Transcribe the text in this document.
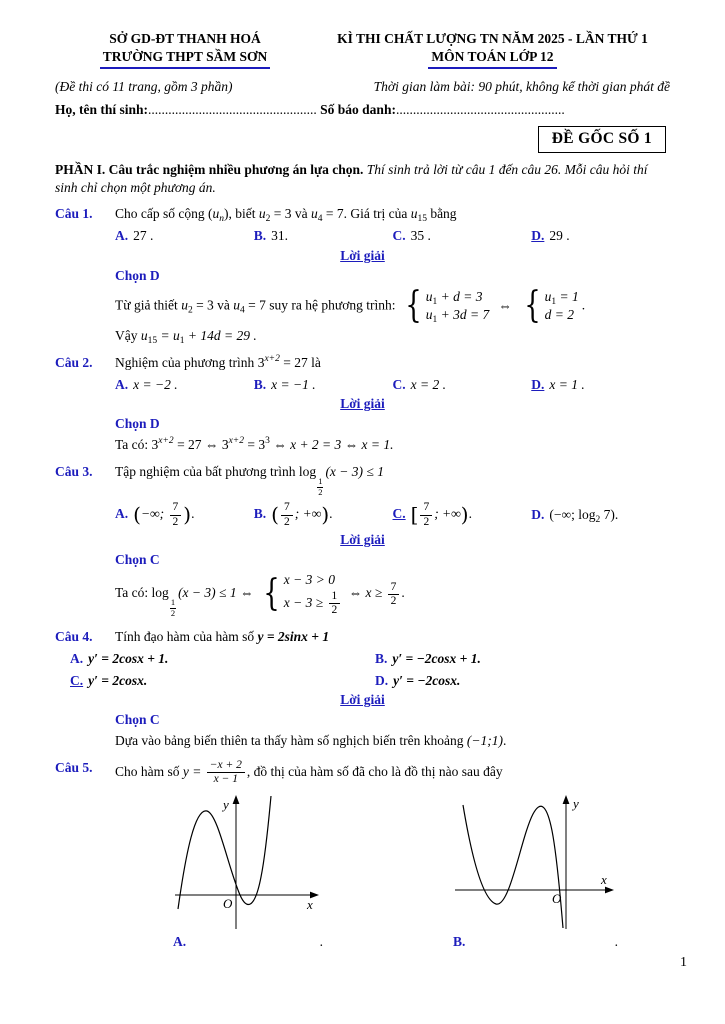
SỞ GD-ĐT THANH HOÁ
TRƯỜNG THPT SẦM SƠN
KÌ THI CHẤT LƯỢNG TN NĂM 2025 - LẦN THỨ 1
MÔN TOÁN LỚP 12
(Đề thi có 11 trang, gồm 3 phần)	Thời gian làm bài: 90 phút, không kể thời gian phát đề
Họ, tên thí sinh:.................................................. Số báo danh:..................................................
ĐỀ GỐC SỐ 1

PHẦN I. Câu trắc nghiệm nhiều phương án lựa chọn. Thí sinh trả lời từ câu 1 đến câu 26. Mỗi câu hỏi thí sinh chỉ chọn một phương án.

Câu 1.	Cho cấp số cộng $(u_n)$, biết $u_2 = 3$ và $u_4 = 7$. Giá trị của $u_{15}$ bằng
A. 27 .	B. 31.	C. 35 .	D. 29 .
Lời giải
Chọn D
Từ giả thiết $u_2 = 3$ và $u_4 = 7$ suy ra hệ phương trình: { $u_1 + d = 3$
$u_1 + 3d = 7$
⇔ { $u_1 = 1$
d = 2
.
Vậy $u_{15} = u_1 + 14d = 29$ .
Câu 2.	Nghiệm của phương trình $3^{x+2} = 27$ là
A. x = −2 .	B. x = −1 .	C. x = 2 .	D. x = 1 .
Lời giải
Chọn D
Ta có: $3^{x+2} = 27$ ⇔ $3^{x+2} = 3^3$ ⇔ x + 2 = 3 ⇔ x = 1.
Câu 3.	Tập nghiệm của bất phương trình log
1
2
(x − 3) ≤ 1
A. (−∞; $\frac{7}{2}$ ).	B. ( $\frac{7}{2}$ ; +∞).	C. [ $\frac{7}{2}$ ; +∞).	D. (−∞; $\log_2 7$).
Lời giải
Chọn C
Ta có: log
1
2
(x − 3) ≤ 1 ⇔ { x − 3 > 0
$x - 3 \ge \frac{1}{2}$ ⇔ $x \ge \frac{7}{2}$ .
Câu 4.	Tính đạo hàm của hàm số y = 2sinx + 1
A. y′ = 2cosx + 1.	B. y′ = −2cosx + 1.
C. y′ = 2cosx.	D. y′ = −2cosx.
Lời giải
Chọn C
Dựa vào bảng biến thiên ta thấy hàm số nghịch biến trên khoảng (−1;1).
Câu 5.	Cho hàm số $y = \frac{-x + 2}{x - 1}$ , đồ thị của hàm số đã cho là đồ thị nào sau đây
y
x
O
A.	.
y
x
O
B.	.
1
